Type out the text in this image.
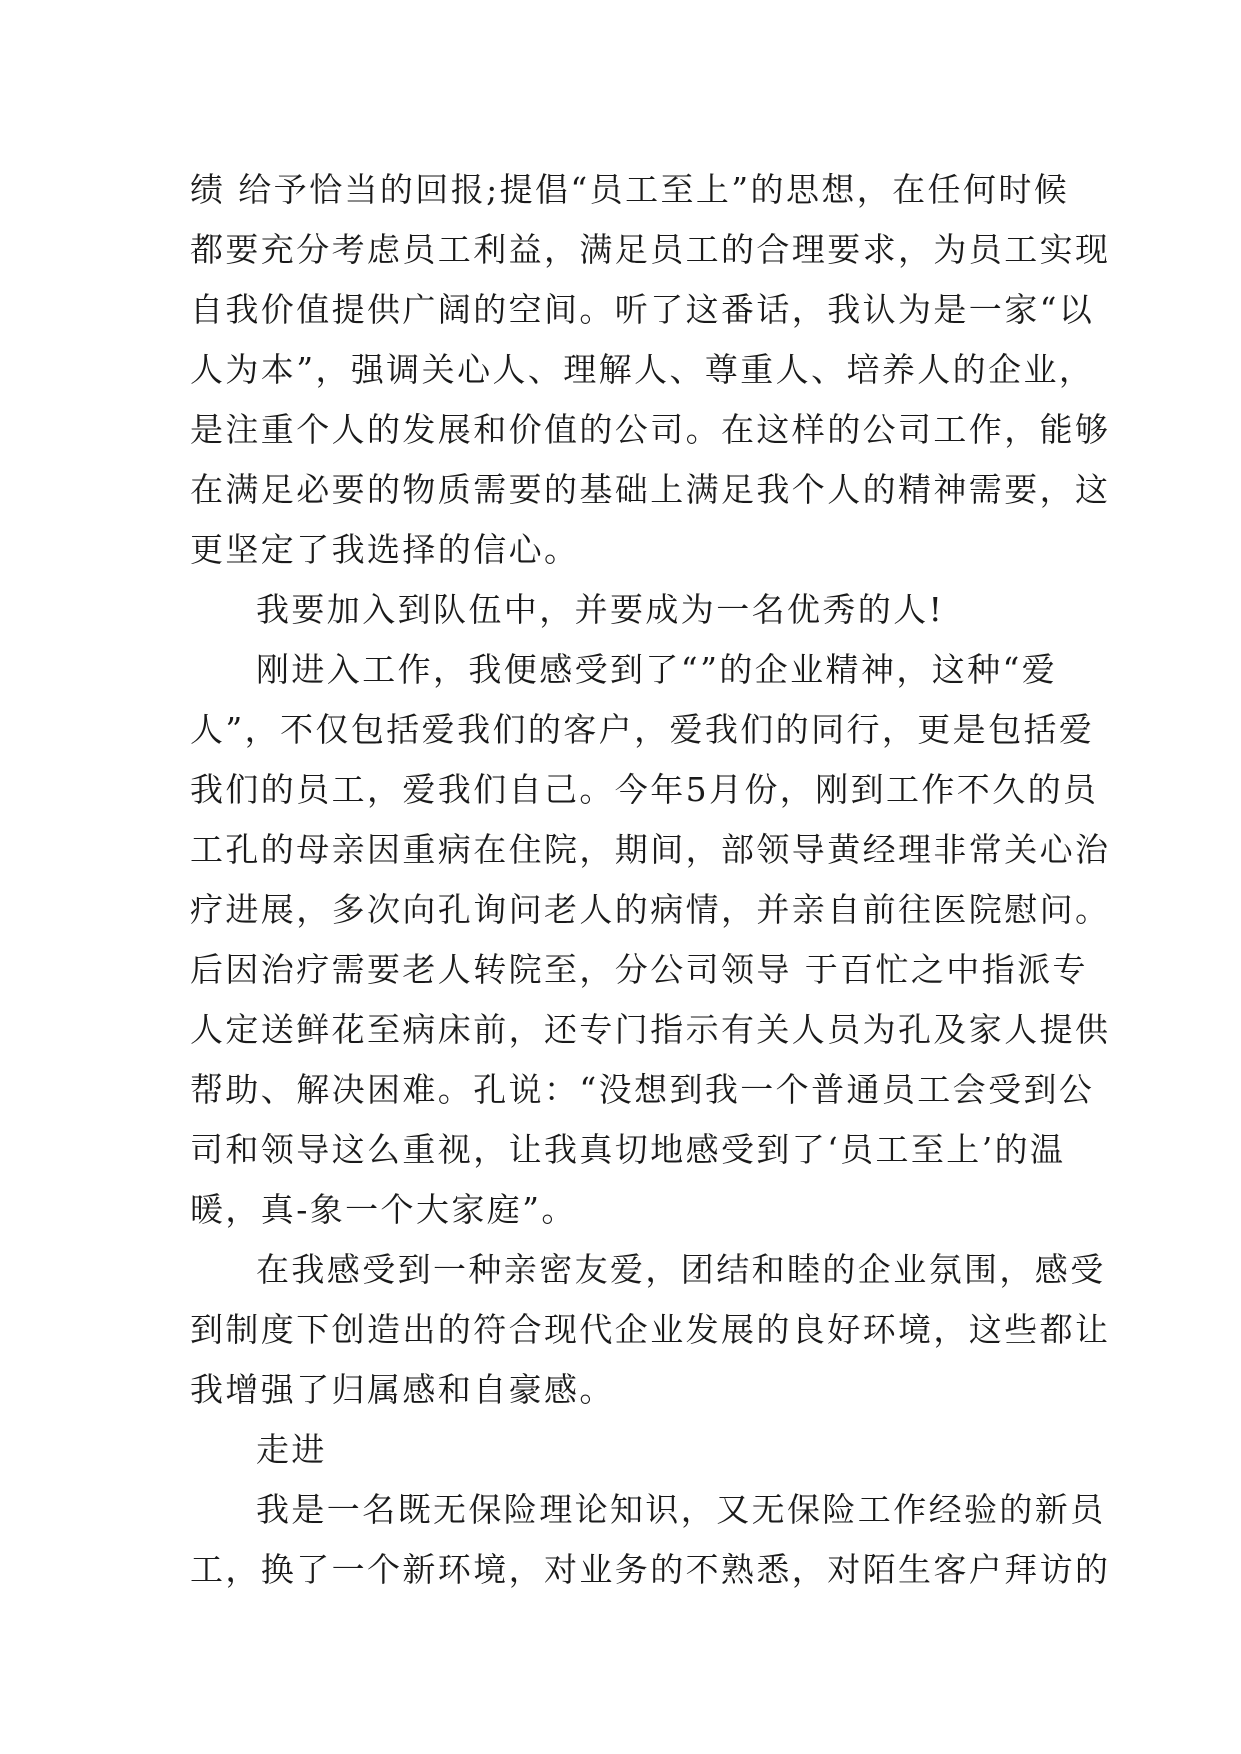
绩 给予恰当的回报;提倡“员工至上”的思想，在任何时候
都要充分考虑员工利益，满足员工的合理要求，为员工实现
自我价值提供广阔的空间。听了这番话，我认为是一家“以
人为本”，强调关心人、理解人、尊重人、培养人的企业，
是注重个人的发展和价值的公司。在这样的公司工作，能够
在满足必要的物质需要的基础上满足我个人的精神需要，这
更坚定了我选择的信心。
我要加入到队伍中，并要成为一名优秀的人!
刚进入工作，我便感受到了“”的企业精神，这种“爱
人”，不仅包括爱我们的客户，爱我们的同行，更是包括爱
我们的员工，爱我们自己。今年5月份，刚到工作不久的员
工孔的母亲因重病在住院，期间，部领导黄经理非常关心治
疗进展，多次向孔询问老人的病情，并亲自前往医院慰问。
后因治疗需要老人转院至，分公司领导 于百忙之中指派专
人定送鲜花至病床前，还专门指示有关人员为孔及家人提供
帮助、解决困难。孔说：“没想到我一个普通员工会受到公
司和领导这么重视，让我真切地感受到了‘员工至上’的温
暖，真-象一个大家庭”。
在我感受到一种亲密友爱，团结和睦的企业氛围，感受
到制度下创造出的符合现代企业发展的良好环境，这些都让
我增强了归属感和自豪感。
走进
我是一名既无保险理论知识，又无保险工作经验的新员
工，换了一个新环境，对业务的不熟悉，对陌生客户拜访的
